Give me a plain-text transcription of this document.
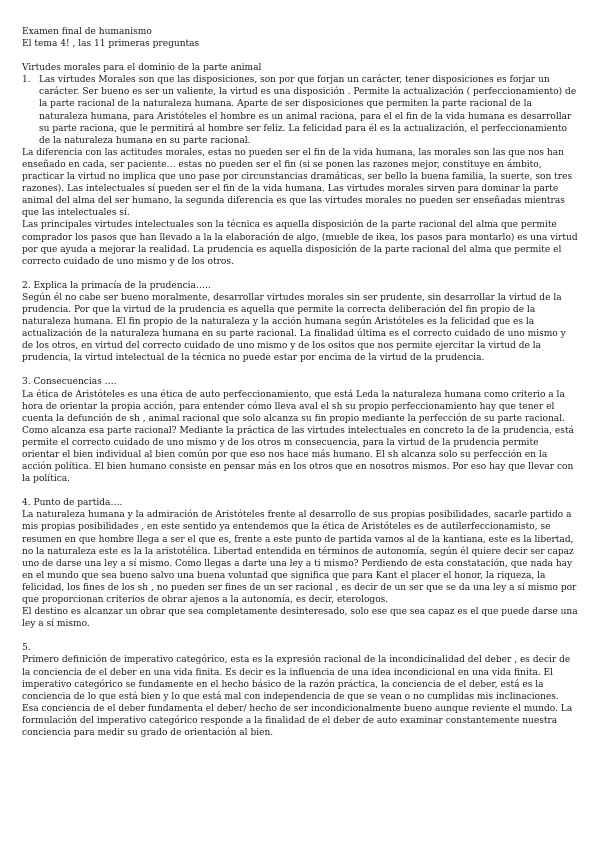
Examen final de humanismo

El tema 4! , las 11 primeras preguntas

Virtudes morales para el dominio de la parte animal

1. Las virtudes Morales son que las disposiciones, son por que forjan un carácter, tener disposiciones es forjar un carácter. Ser bueno es ser un valiente, la virtud es una disposición . Permite la actualización ( perfeccionamiento) de la parte racional de la naturaleza humana. Aparte de ser disposiciones que permiten la parte racional de la naturaleza humana, para Aristóteles el hombre es un animal raciona, para el el fin de la vida humana es desarrollar su parte raciona, que le permitirá al hombre ser feliz. La felicidad para él es la actualización, el perfeccionamiento de la naturaleza humana en su parte racional.

La diferencia con las actitudes morales, estas no pueden ser el fin de la vida humana, las morales son las que nos han enseñado en cada, ser paciente… estas no pueden ser el fin (si se ponen las razones mejor, constituye en ámbito, practicar la virtud no implica que uno pase por circunstancias dramáticas, ser bello la buena familia, la suerte, son tres razones). Las intelectuales sí pueden ser el fin de la vida humana. Las virtudes morales sirven para dominar la parte animal del alma del ser humano, la segunda diferencia es que las virtudes morales no pueden ser enseñadas mientras que las intelectuales sí.

Las principales virtudes intelectuales son la técnica es aquella disposición de la parte racional del alma que permite comprador los pasos que han llevado a la la elaboración de algo, (mueble de ikea, los pasos para montarlo) es una virtud por que ayuda a mejorar la realidad. La prudencia es aquella disposición de la parte racional del alma que permite el correcto cuidado de uno mismo y de los otros.

2. Explica la primacía de la prudencia…..

Según él no cabe ser bueno moralmente, desarrollar virtudes morales sin ser prudente, sin desarrollar la virtud de la prudencia. Por que la virtud de la prudencia es aquella que permite la correcta deliberación del fin propio de la naturaleza humana. El fin propio de la naturaleza y la acción humana según Aristóteles es la felicidad que es la actualización de la naturaleza humana en su parte racional. La finalidad última es el correcto cuidado de uno mismo y de los otros, en virtud del correcto cuidado de uno mismo y de los ositos que nos permite ejercitar la virtud de la prudencia, la virtud intelectual de la técnica no puede estar por encima de la virtud de la prudencia.

3. Consecuencias ….

La ética de Aristóteles es una ética de auto perfeccionamiento, que está Leda la naturaleza humana como criterio a la hora de orientar la propia acción, para entender cómo lleva aval el sh su propio perfeccionamiento hay que tener el cuenta la defunción de sh , animal racional que solo alcanza su fin propio mediante la perfección de su parte racional. Como alcanza esa parte racional? Mediante la práctica de las virtudes intelectuales en concreto la de la prudencia, está permite el correcto cuidado de uno mismo y de los otros m consecuencia, para la virtud de la prudencia permite orientar el bien individual al bien común por que eso nos hace más humano. El sh alcanza solo su perfección en la acción política. El bien humano consiste en pensar más en los otros que en nosotros mismos. Por eso hay que llevar con la política.

4. Punto de partida….

La naturaleza humana y la admiración de Aristóteles frente al desarrollo de sus propias posibilidades, sacarle partido a mis propias posibilidades , en este sentido ya entendemos que la ética de Aristóteles es de autilerfeccionamisto, se resumen en que hombre llega a ser el que es, frente a este punto de partida vamos al de la kantiana, este es la libertad, no la naturaleza este es la la aristotélica. Libertad entendida en términos de autonomía, según él quiere decir ser capaz uno de darse una ley a sí mismo. Como llegas a darte una ley a ti mismo? Perdiendo de esta constatación, que nada hay en el mundo que sea bueno salvo una buena voluntad que significa que para Kant el placer el honor, la riqueza, la felicidad, los fines de los sh , no pueden ser fines de un ser racional , es decir de un ser que se da una ley a sí mismo por que proporcionan criterios de obrar ajenos a la autonomía, es decir, eterologos.

El destino es alcanzar un obrar que sea completamente desinteresado, solo ese que sea capaz es el que puede darse una ley a sí mismo.

5.

Primero definición de imperativo categórico, esta es la expresión racional de la incondicinalidad del deber , es decir de la conciencia de el deber en una vida finita. Es decir es la influencia de una idea incondicional en una vida finita. El imperativo categórico se fundamente en el hecho básico de la razón práctica, la conciencia de el deber, está es la conciencia de lo que está bien y lo que está mal con independencia de que se vean o no cumplidas mis inclinaciones. Esa conciencia de el deber fundamenta el deber/ hecho de ser incondicionalmente bueno aunque reviente el mundo. La formulación del imperativo categórico responde a la finalidad de el deber de auto examinar constantemente nuestra conciencia para medir su grado de orientación al bien.
